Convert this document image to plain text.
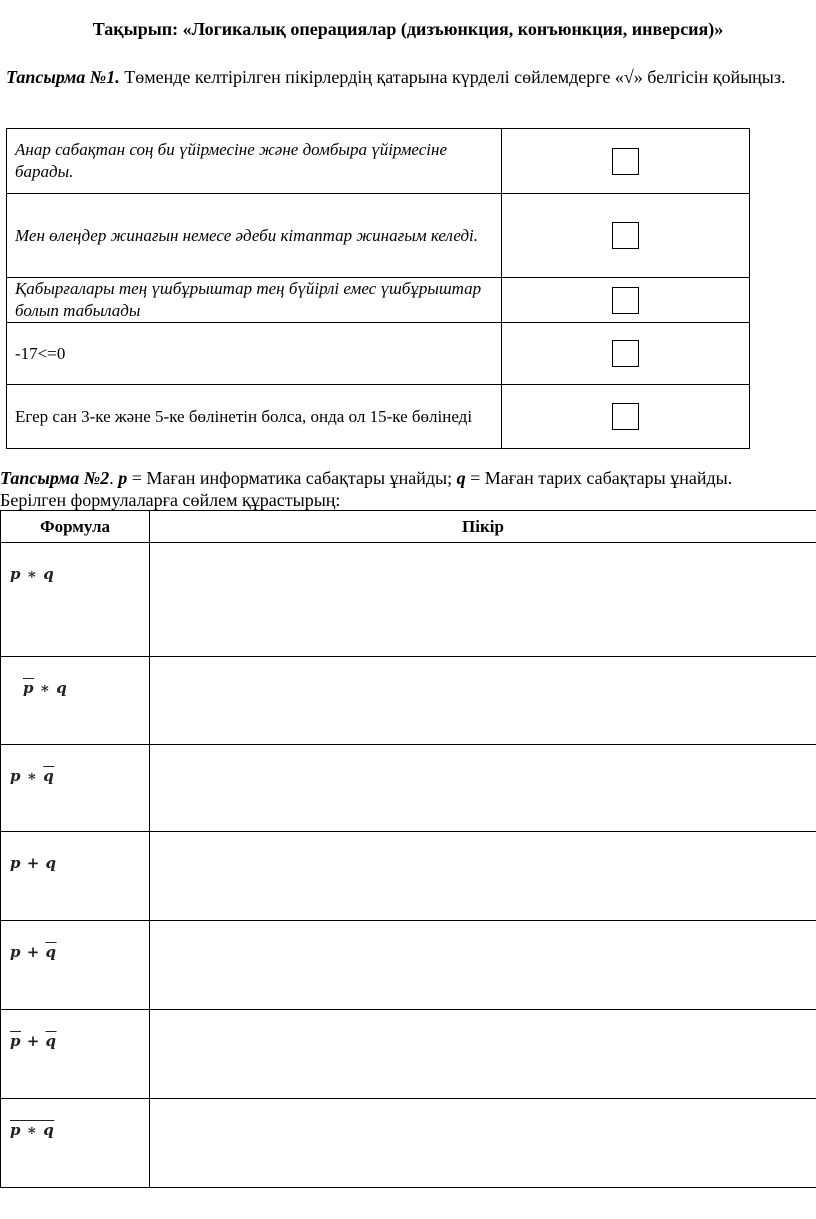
Тақырып: «Логикалық операциялар (дизъюнкция, конъюнкция, инверсия)»
Тапсырма №1. Төменде келтірілген пікірлердің қатарына күрделі сөйлемдерге «√» белгісін қойыңыз.
Анар сабақтан соң би үйірмесіне және домбыра үйірмесіне барады.	
Мен өлеңдер жинағын немесе әдеби кітаптар жинағым келеді.	
Қабырғалары тең үшбұрыштар тең бүйірлі емес үшбұрыштар болып табылады	
-17<=0	
Егер сан 3-ке және 5-ке бөлінетін болса, онда ол 15-ке бөлінеді	
Тапсырма №2. p = Маған информатика сабақтары ұнайды; q = Маған тарих сабақтары ұнайды.
Берілген формулаларға сөйлем құрастырың:
Формула	Пікір
p ∗ q	
$\overline{p}$ ∗ q	
p ∗ $\overline{q}$	
p + q	
$p + \overline{q}$	
$\overline{p} + \overline{q}$	
p ∗ q	
